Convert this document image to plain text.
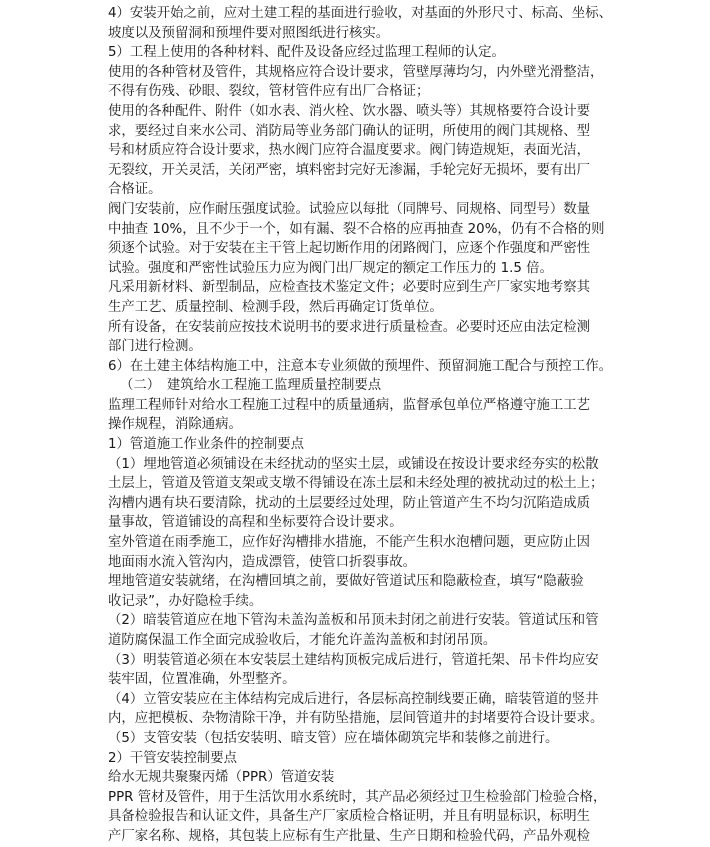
4）安装开始之前，应对土建工程的基面进行验收，对基面的外形尺寸、标高、坐标、
坡度以及预留洞和预埋件要对照图纸进行核实。
5）工程上使用的各种材料、配件及设备应经过监理工程师的认定。
使用的各种管材及管件，其规格应符合设计要求，管壁厚薄均匀，内外壁光滑整洁，
不得有伤残、砂眼、裂纹，管材管件应有出厂合格证；
使用的各种配件、附件（如水表、消火栓、饮水器、喷头等）其规格要符合设计要
求，要经过自来水公司、消防局等业务部门确认的证明，所使用的阀门其规格、型
号和材质应符合设计要求，热水阀门应符合温度要求。阀门铸造规矩，表面光洁，
无裂纹，开关灵活，关闭严密，填料密封完好无渗漏，手轮完好无损坏，要有出厂
合格证。
阀门安装前，应作耐压强度试验。试验应以每批（同牌号、同规格、同型号）数量
中抽查 10%，且不少于一个，如有漏、裂不合格的应再抽查 20%，仍有不合格的则
须逐个试验。对于安装在主干管上起切断作用的闭路阀门，应逐个作强度和严密性
试验。强度和严密性试验压力应为阀门出厂规定的额定工作压力的 1.5 倍。
凡采用新材料、新型制品，应检查技术鉴定文件；必要时应到生产厂家实地考察其
生产工艺、质量控制、检测手段，然后再确定订货单位。
所有设备，在安装前应按技术说明书的要求进行质量检查。必要时还应由法定检测
部门进行检测。
6）在土建主体结构施工中，注意本专业须做的预埋件、预留洞施工配合与预控工作。
（二）　建筑给水工程施工监理质量控制要点
监理工程师针对给水工程施工过程中的质量通病，监督承包单位严格遵守施工工艺
操作规程，消除通病。
1）管道施工作业条件的控制要点
（1）埋地管道必须铺设在未经扰动的坚实土层，或铺设在按设计要求经夯实的松散
土层上，管道及管道支架或支墩不得铺设在冻土层和未经处理的被扰动过的松土上；
沟槽内遇有块石要清除，扰动的土层要经过处理，防止管道产生不均匀沉陷造成质
量事故，管道铺设的高程和坐标要符合设计要求。
室外管道在雨季施工，应作好沟槽排水措施，不能产生积水泡槽问题，更应防止因
地面雨水流入管沟内，造成漂管，使管口折裂事故。
埋地管道安装就绪，在沟槽回填之前，要做好管道试压和隐蔽检查，填写“隐蔽验
收记录”，办好隐检手续。
（2）暗装管道应在地下管沟未盖沟盖板和吊顶未封闭之前进行安装。管道试压和管
道防腐保温工作全面完成验收后，才能允许盖沟盖板和封闭吊顶。
（3）明装管道必须在本安装层土建结构顶板完成后进行，管道托架、吊卡件均应安
装牢固，位置准确，外型整齐。
（4）立管安装应在主体结构完成后进行，各层标高控制线要正确，暗装管道的竖井
内，应把模板、杂物清除干净，并有防坠措施，层间管道井的封堵要符合设计要求。
（5）支管安装（包括安装明、暗支管）应在墙体砌筑完毕和装修之前进行。
2）干管安装控制要点
给水无规共聚聚丙烯（PPR）管道安装
PPR 管材及管件，用于生活饮用水系统时，其产品必须经过卫生检验部门检验合格，
具备检验报告和认证文件，具备生产厂家质检合格证明，并且有明显标识，标明生
产厂家名称、规格，其包装上应标有生产批量、生产日期和检验代码，产品外观检
